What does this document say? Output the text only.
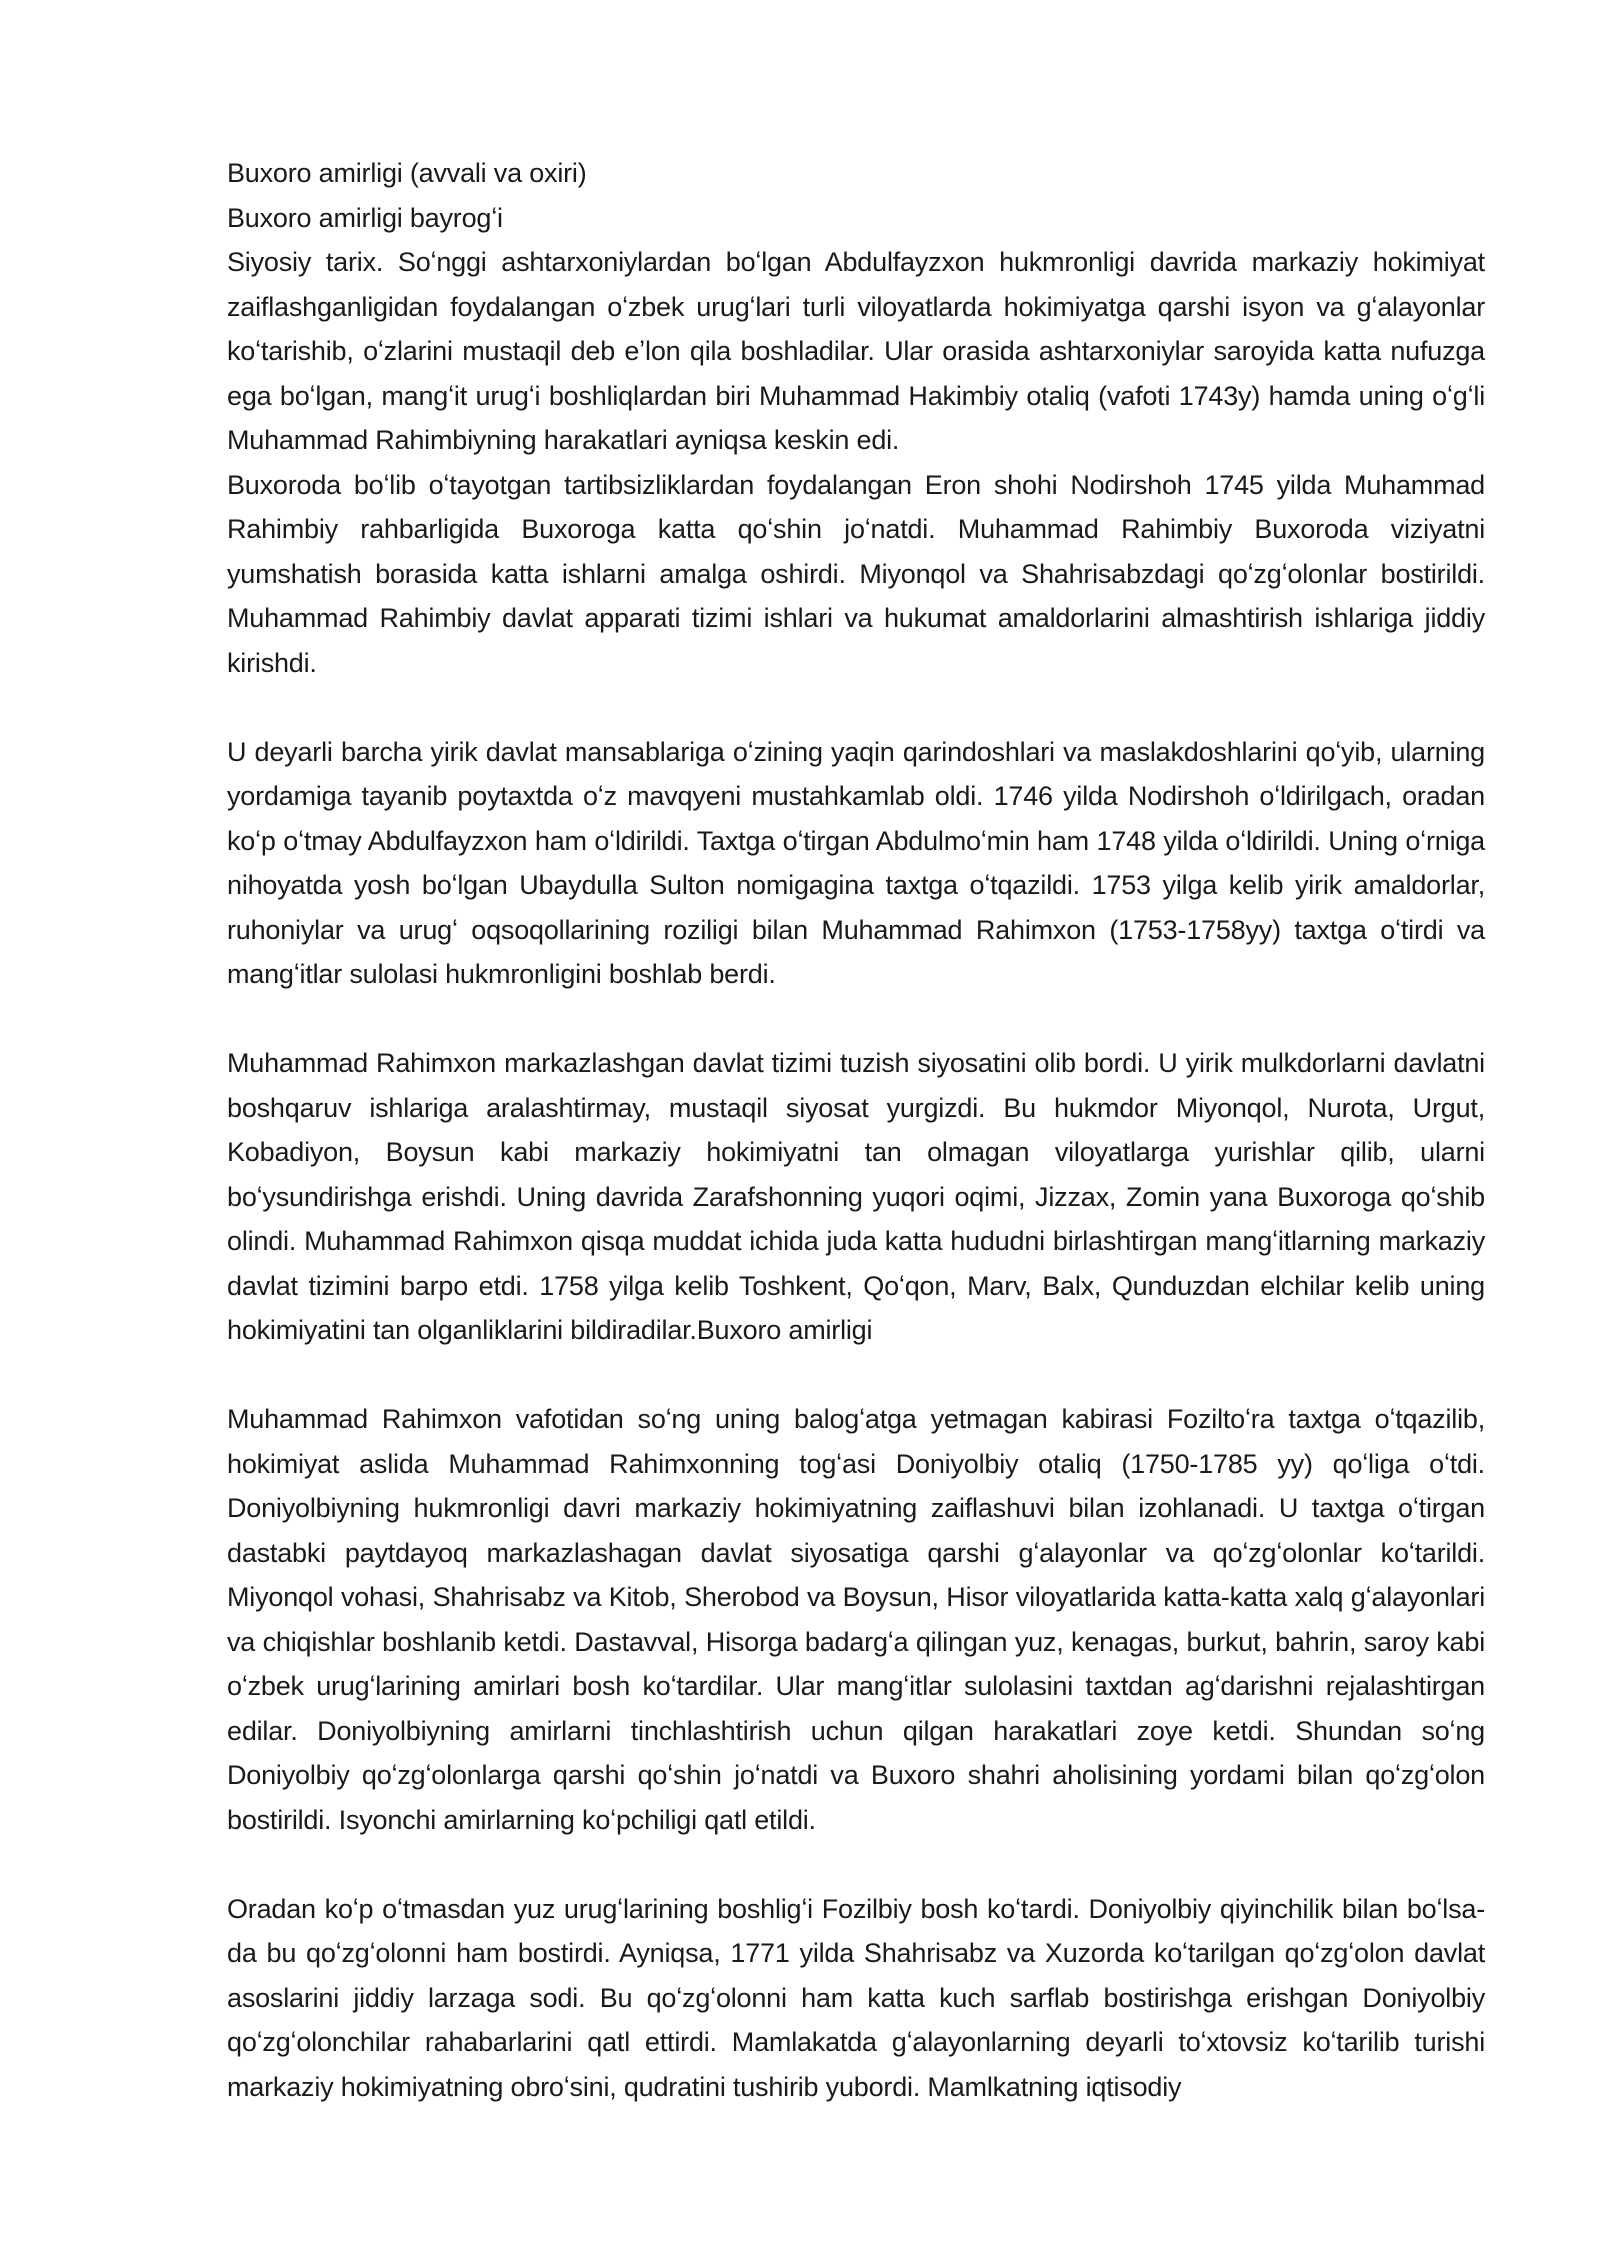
Buxoro amirligi (avvali va oxiri)

Buxoro amirligi bayrogʻi

Siyosiy tarix. Soʻnggi ashtarxoniylardan boʻlgan Abdulfayzxon hukmronligi davrida markaziy hokimiyat zaiflashganligidan foydalangan oʻzbek urugʻlari turli viloyatlarda hokimiyatga qarshi isyon va gʻalayonlar koʻtarishib, oʻzlarini mustaqil deb eʼlon qila boshladilar. Ular orasida ashtarxoniylar saroyida katta nufuzga ega boʻlgan, mangʻit urugʻi boshliqlardan biri Muhammad Hakimbiy otaliq (vafoti 1743y) hamda uning oʻgʻli Muhammad Rahimbiyning harakatlari ayniqsa keskin edi.

Buxoroda boʻlib oʻtayotgan tartibsizliklardan foydalangan Eron shohi Nodirshoh 1745 yilda Muhammad Rahimbiy rahbarligida Buxoroga katta qoʻshin joʻnatdi. Muhammad Rahimbiy Buxoroda viziyatni yumshatish borasida katta ishlarni amalga oshirdi. Miyonqol va Shahrisabzdagi qoʻzgʻolonlar bostirildi. Muhammad Rahimbiy davlat apparati tizimi ishlari va hukumat amaldorlarini almashtirish ishlariga jiddiy kirishdi.

U deyarli barcha yirik davlat mansablariga oʻzining yaqin qarindoshlari va maslakdoshlarini qoʻyib, ularning yordamiga tayanib poytaxtda oʻz mavqyeni mustahkamlab oldi. 1746 yilda Nodirshoh oʻldirilgach, oradan koʻp oʻtmay Abdulfayzxon ham oʻldirildi. Taxtga oʻtirgan Abdulmoʻmin ham 1748 yilda oʻldirildi. Uning oʻrniga nihoyatda yosh boʻlgan Ubaydulla Sulton nomigagina taxtga oʻtqazildi. 1753 yilga kelib yirik amaldorlar, ruhoniylar va urugʻ oqsoqollarining roziligi bilan Muhammad Rahimxon (1753-1758yy) taxtga oʻtirdi va mangʻitlar sulolasi hukmronligini boshlab berdi.

Muhammad Rahimxon markazlashgan davlat tizimi tuzish siyosatini olib bordi. U yirik mulkdorlarni davlatni boshqaruv ishlariga aralashtirmay, mustaqil siyosat yurgizdi. Bu hukmdor Miyonqol, Nurota, Urgut, Kobadiyon, Boysun kabi markaziy hokimiyatni tan olmagan viloyatlarga yurishlar qilib, ularni boʻysundirishga erishdi. Uning davrida Zarafshonning yuqori oqimi, Jizzax, Zomin yana Buxoroga qoʻshib olindi. Muhammad Rahimxon qisqa muddat ichida juda katta hududni birlashtirgan mangʻitlarning markaziy davlat tizimini barpo etdi. 1758 yilga kelib Toshkent, Qoʻqon, Marv, Balx, Qunduzdan elchilar kelib uning hokimiyatini tan olganliklarini bildiradilar.Buxoro amirligi

Muhammad Rahimxon vafotidan soʻng uning balogʻatga yetmagan kabirasi Foziltoʻra taxtga oʻtqazilib, hokimiyat aslida Muhammad Rahimxonning togʻasi Doniyolbiy otaliq (1750-1785 yy) qoʻliga oʻtdi. Doniyolbiyning hukmronligi davri markaziy hokimiyatning zaiflashuvi bilan izohlanadi. U taxtga oʻtirgan dastabki paytdayoq markazlashagan davlat siyosatiga qarshi gʻalayonlar va qoʻzgʻolonlar koʻtarildi. Miyonqol vohasi, Shahrisabz va Kitob, Sherobod va Boysun, Hisor viloyatlarida katta-katta xalq gʻalayonlari va chiqishlar boshlanib ketdi. Dastavval, Hisorga badargʻa qilingan yuz, kenagas, burkut, bahrin, saroy kabi oʻzbek urugʻlarining amirlari bosh koʻtardilar. Ular mangʻitlar sulolasini taxtdan agʻdarishni rejalashtirgan edilar. Doniyolbiyning amirlarni tinchlashtirish uchun qilgan harakatlari zoye ketdi. Shundan soʻng Doniyolbiy qoʻzgʻolonlarga qarshi qoʻshin joʻnatdi va Buxoro shahri aholisining yordami bilan qoʻzgʻolon bostirildi. Isyonchi amirlarning koʻpchiligi qatl etildi.

Oradan koʻp oʻtmasdan yuz urugʻlarining boshligʻi Fozilbiy bosh koʻtardi. Doniyolbiy qiyinchilik bilan boʻlsa-da bu qoʻzgʻolonni ham bostirdi. Ayniqsa, 1771 yilda Shahrisabz va Xuzorda koʻtarilgan qoʻzgʻolon davlat asoslarini jiddiy larzaga sodi. Bu qoʻzgʻolonni ham katta kuch sarflab bostirishga erishgan Doniyolbiy qoʻzgʻolonchilar rahabarlarini qatl ettirdi. Mamlakatda gʻalayonlarning deyarli toʻxtovsiz koʻtarilib turishi markaziy hokimiyatning obroʻsini, qudratini tushirib yubordi. Mamlkatning iqtisodiy
